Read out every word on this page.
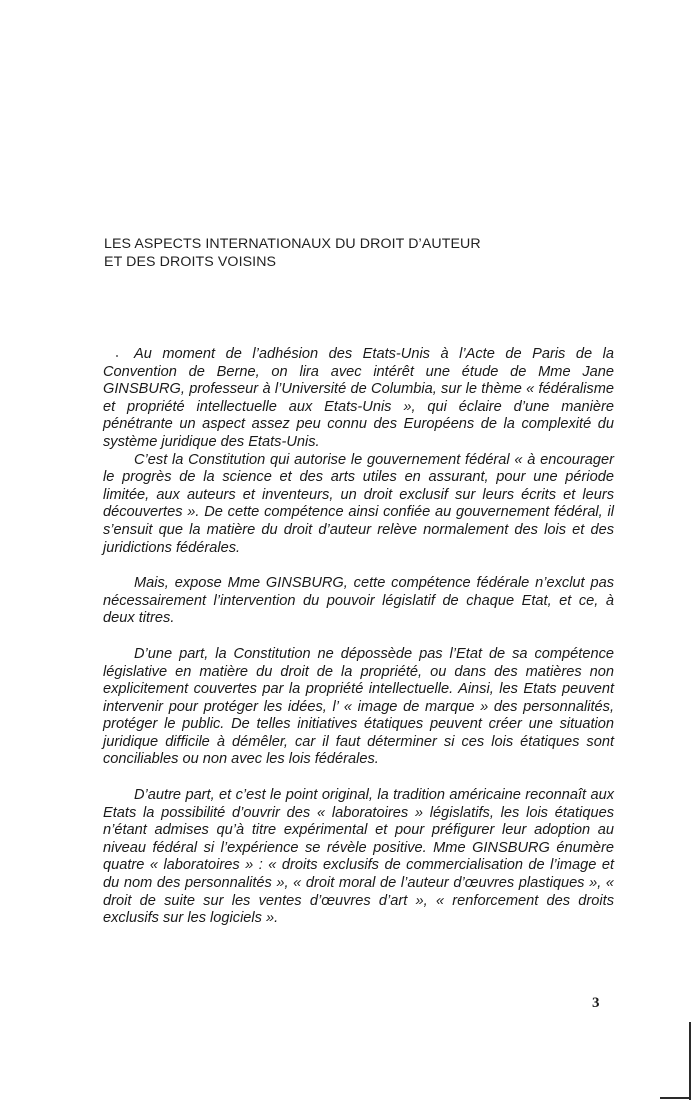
LES ASPECTS INTERNATIONAUX DU DROIT D’AUTEUR
ET DES DROITS VOISINS

Au moment de l’adhésion des Etats-Unis à l’Acte de Paris de la Convention de Berne, on lira avec intérêt une étude de Mme Jane GINSBURG, professeur à l’Université de Columbia, sur le thème « fédéralisme et propriété intellectuelle aux Etats-Unis », qui éclaire d’une manière pénétrante un aspect assez peu connu des Européens de la complexité du système juridique des Etats-Unis.

C’est la Constitution qui autorise le gouvernement fédéral « à encourager le progrès de la science et des arts utiles en assurant, pour une période limitée, aux auteurs et inventeurs, un droit exclusif sur leurs écrits et leurs découvertes ». De cette compétence ainsi confiée au gouvernement fédéral, il s’ensuit que la matière du droit d’auteur relève normalement des lois et des juridictions fédérales.

Mais, expose Mme GINSBURG, cette compétence fédérale n’exclut pas nécessairement l’intervention du pouvoir législatif de chaque Etat, et ce, à deux titres.

D’une part, la Constitution ne dépossède pas l’Etat de sa compétence législative en matière du droit de la propriété, ou dans des matières non explicitement couvertes par la propriété intellectuelle. Ainsi, les Etats peuvent intervenir pour protéger les idées, l’ « image de marque » des personnalités, protéger le public. De telles initiatives étatiques peuvent créer une situation juridique difficile à démêler, car il faut déterminer si ces lois étatiques sont conciliables ou non avec les lois fédérales.

D’autre part, et c’est le point original, la tradition américaine reconnaît aux Etats la possibilité d’ouvrir des « laboratoires » législatifs, les lois étatiques n’étant admises qu’à titre expérimental et pour préfigurer leur adoption au niveau fédéral si l’expérience se révèle positive. Mme GINSBURG énumère quatre « laboratoires » : « droits exclusifs de commercialisation de l’image et du nom des personnalités », « droit moral de l’auteur d’œuvres plastiques », « droit de suite sur les ventes d’œuvres d’art », « renforcement des droits exclusifs sur les logiciels ».

3
